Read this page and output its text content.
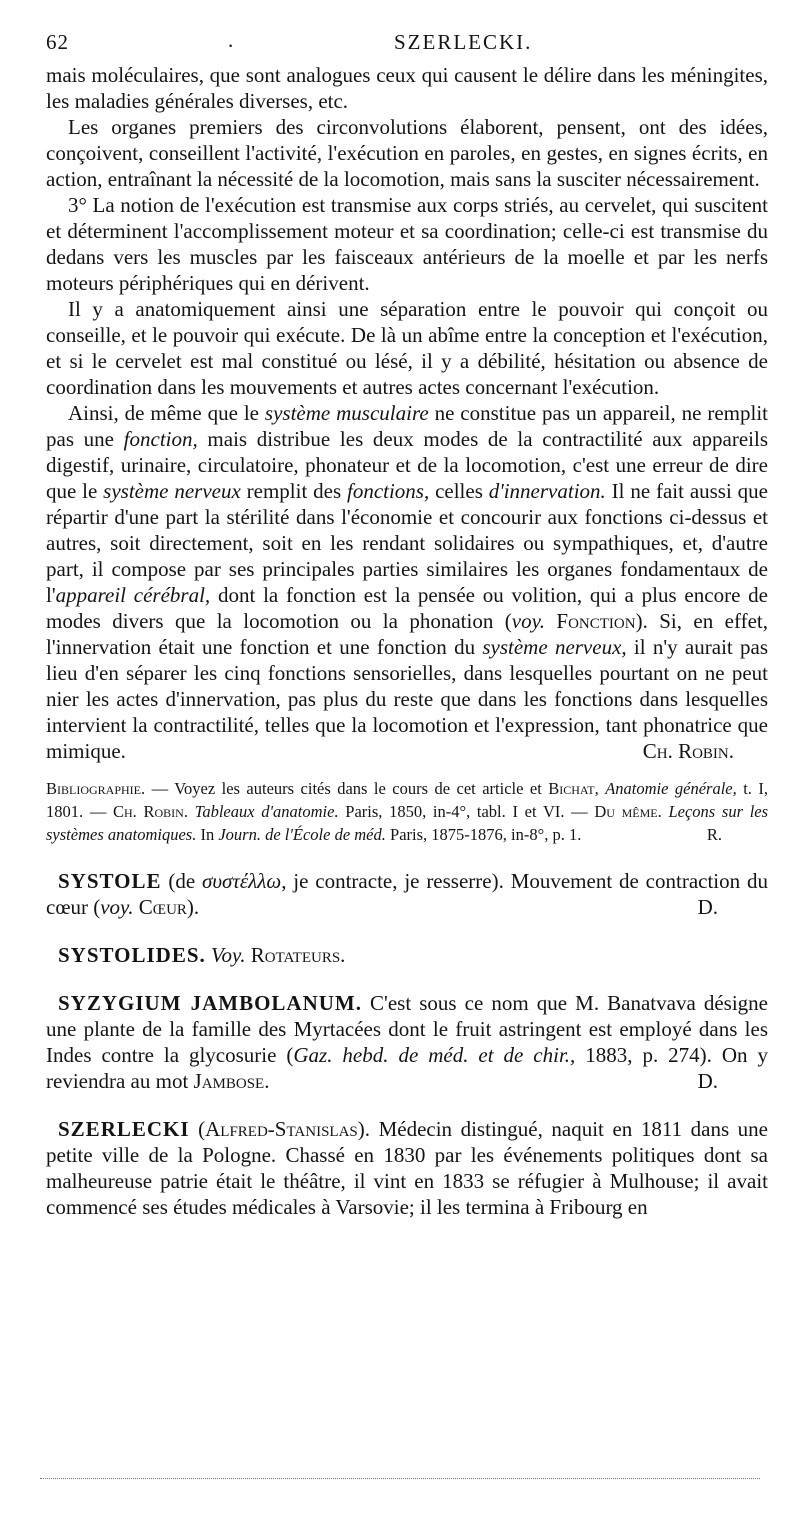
62	.	SZERLECKI.

mais moléculaires, que sont analogues ceux qui causent le délire dans les méningites, les maladies générales diverses, etc.

Les organes premiers des circonvolutions élaborent, pensent, ont des idées, conçoivent, conseillent l'activité, l'exécution en paroles, en gestes, en signes écrits, en action, entraînant la nécessité de la locomotion, mais sans la susciter nécessairement.

3° La notion de l'exécution est transmise aux corps striés, au cervelet, qui suscitent et déterminent l'accomplissement moteur et sa coordination; celle-ci est transmise du dedans vers les muscles par les faisceaux antérieurs de la moelle et par les nerfs moteurs périphériques qui en dérivent.

Il y a anatomiquement ainsi une séparation entre le pouvoir qui conçoit ou conseille, et le pouvoir qui exécute. De là un abîme entre la conception et l'exécution, et si le cervelet est mal constitué ou lésé, il y a débilité, hésitation ou absence de coordination dans les mouvements et autres actes concernant l'exécution.

Ainsi, de même que le système musculaire ne constitue pas un appareil, ne remplit pas une fonction, mais distribue les deux modes de la contractilité aux appareils digestif, urinaire, circulatoire, phonateur et de la locomotion, c'est une erreur de dire que le système nerveux remplit des fonctions, celles d'innervation. Il ne fait aussi que répartir d'une part la stérilité dans l'économie et concourir aux fonctions ci-dessus et autres, soit directement, soit en les rendant solidaires ou sympathiques, et, d'autre part, il compose par ses principales parties similaires les organes fondamentaux de l'appareil cérébral, dont la fonction est la pensée ou volition, qui a plus encore de modes divers que la locomotion ou la phonation (voy. Fonction). Si, en effet, l'innervation était une fonction et une fonction du système nerveux, il n'y aurait pas lieu d'en séparer les cinq fonctions sensorielles, dans lesquelles pourtant on ne peut nier les actes d'innervation, pas plus du reste que dans les fonctions dans lesquelles intervient la contractilité, telles que la locomotion et l'expression, tant phonatrice que mimique.	Ch. Robin.

Bibliographie. — Voyez les auteurs cités dans le cours de cet article et Bichat, Anatomie générale, t. I, 1801. — Ch. Robin. Tableaux d'anatomie. Paris, 1850, in-4°, tabl. I et VI. — Du même. Leçons sur les systèmes anatomiques. In Journ. de l'École de méd. Paris, 1875-1876, in-8°, p. 1.	R.

SYSTOLE (de συστέλλω, je contracte, je resserre). Mouvement de contraction du cœur (voy. Cœur).	D.

SYSTOLIDES. Voy. Rotateurs.

SYZYGIUM JAMBOLANUM. C'est sous ce nom que M. Banatvava désigne une plante de la famille des Myrtacées dont le fruit astringent est employé dans les Indes contre la glycosurie (Gaz. hebd. de méd. et de chir., 1883, p. 274). On y reviendra au mot Jambose.	D.

SZERLECKI (Alfred-Stanislas). Médecin distingué, naquit en 1811 dans une petite ville de la Pologne. Chassé en 1830 par les événements politiques dont sa malheureuse patrie était le théâtre, il vint en 1833 se réfugier à Mulhouse; il avait commencé ses études médicales à Varsovie; il les termina à Fribourg en
